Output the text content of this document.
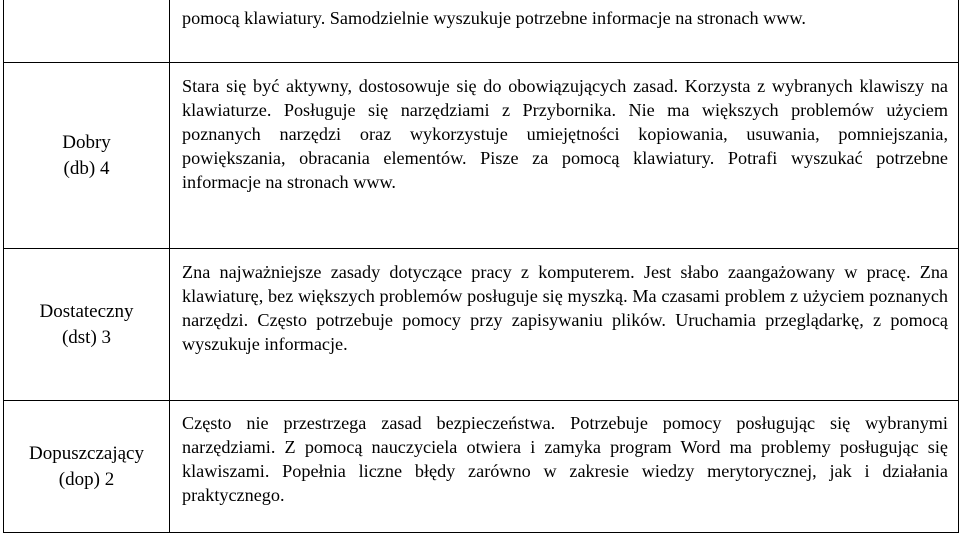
	pomocą klawiatury. Samodzielnie wyszukuje potrzebne informacje na stronach www.

Dobry
(db) 4	Stara się być aktywny, dostosowuje się do obowiązujących zasad. Korzysta z wybranych klawiszy na klawiaturze. Posługuje się narzędziami z Przybornika. Nie ma większych problemów użyciem poznanych narzędzi oraz wykorzystuje umiejętności kopiowania, usuwania, pomniejszania, powiększania, obracania elementów. Pisze za pomocą klawiatury. Potrafi wyszukać potrzebne informacje na stronach www.

Dostateczny
(dst) 3	Zna najważniejsze zasady dotyczące pracy z komputerem. Jest słabo zaangażowany w pracę. Zna klawiaturę, bez większych problemów posługuje się myszką. Ma czasami problem z użyciem poznanych narzędzi. Często potrzebuje pomocy przy zapisywaniu plików. Uruchamia przeglądarkę, z pomocą wyszukuje informacje.

Dopuszczający
(dop) 2	Często nie przestrzega zasad bezpieczeństwa. Potrzebuje pomocy posługując się wybranymi narzędziami. Z pomocą nauczyciela otwiera i zamyka program Word ma problemy posługując się klawiszami. Popełnia liczne błędy zarówno w zakresie wiedzy merytorycznej, jak i działania praktycznego.
